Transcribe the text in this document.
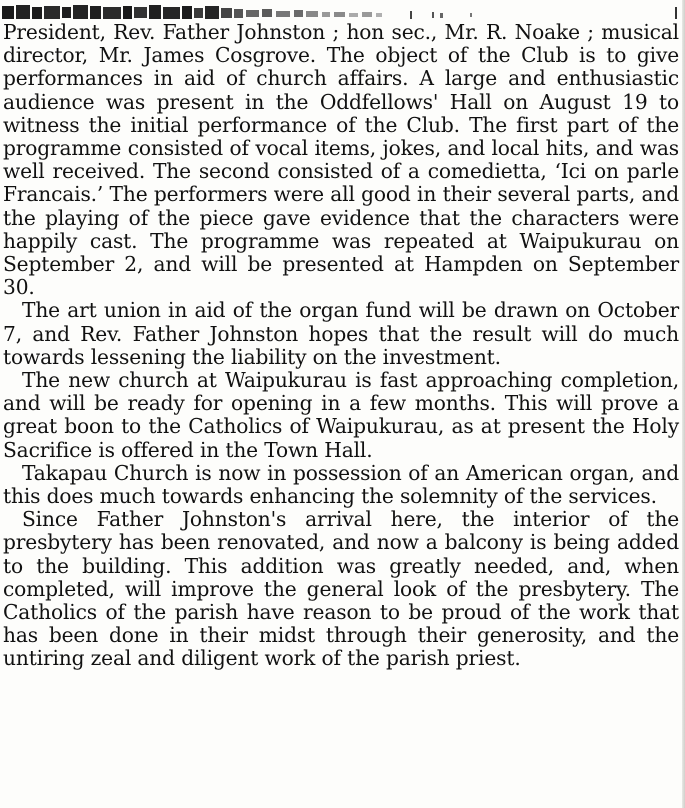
President, Rev. Father Johnston ; hon sec., Mr. R. Noake ; musical director, Mr. James Cosgrove. The object of the Club is to give performances in aid of church affairs. A large and enthusiastic audience was present in the Oddfellows' Hall on August 19 to witness the initial performance of the Club. The first part of the programme consisted of vocal items, jokes, and local hits, and was well received. The second consisted of a comedietta, ‘Ici on parle Francais.’ The performers were all good in their several parts, and the playing of the piece gave evidence that the characters were happily cast. The programme was repeated at Waipukurau on September 2, and will be presented at Hampden on September 30.

The art union in aid of the organ fund will be drawn on October 7, and Rev. Father Johnston hopes that the result will do much towards lessening the liability on the investment.

The new church at Waipukurau is fast approaching completion, and will be ready for opening in a few months. This will prove a great boon to the Catholics of Waipukurau, as at present the Holy Sacrifice is offered in the Town Hall.

Takapau Church is now in possession of an American organ, and this does much towards enhancing the solemnity of the services.

Since Father Johnston's arrival here, the interior of the presbytery has been renovated, and now a balcony is being added to the building. This addition was greatly needed, and, when completed, will improve the general look of the presbytery. The Catholics of the parish have reason to be proud of the work that has been done in their midst through their generosity, and the untiring zeal and diligent work of the parish priest.
